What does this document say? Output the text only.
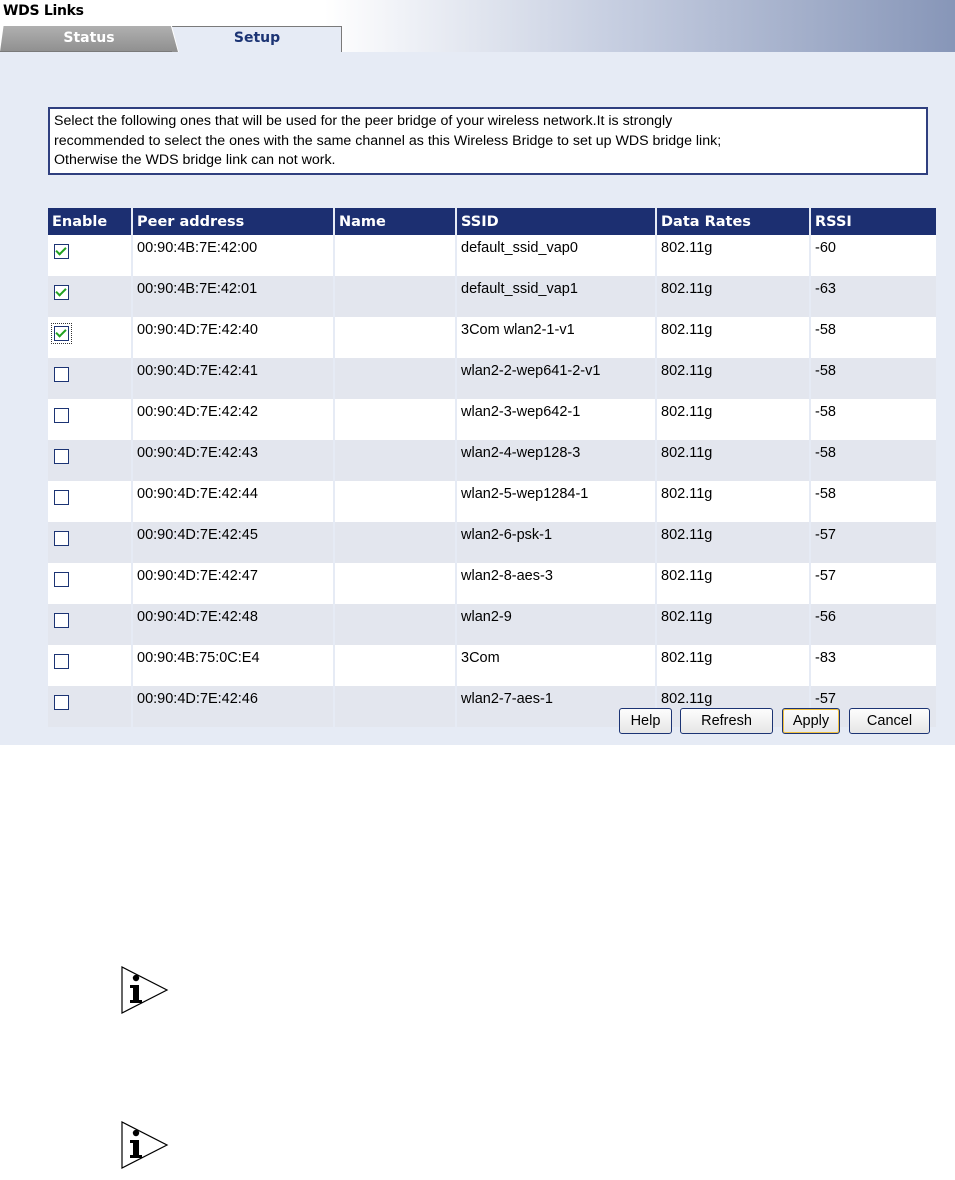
WDS Links
Status	Setup
Select the following ones that will be used for the peer bridge of your wireless network.It is strongly
recommended to select the ones with the same channel as this Wireless Bridge to set up WDS bridge link;
Otherwise the WDS bridge link can not work.
Enable	Peer address	Name	SSID	Data Rates	RSSI
	00:90:4B:7E:42:00		default_ssid_vap0	802.11g	-60
	00:90:4B:7E:42:01		default_ssid_vap1	802.11g	-63
	00:90:4D:7E:42:40		3Com wlan2-1-v1	802.11g	-58
	00:90:4D:7E:42:41		wlan2-2-wep641-2-v1	802.11g	-58
	00:90:4D:7E:42:42		wlan2-3-wep642-1	802.11g	-58
	00:90:4D:7E:42:43		wlan2-4-wep128-3	802.11g	-58
	00:90:4D:7E:42:44		wlan2-5-wep1284-1	802.11g	-58
	00:90:4D:7E:42:45		wlan2-6-psk-1	802.11g	-57
	00:90:4D:7E:42:47		wlan2-8-aes-3	802.11g	-57
	00:90:4D:7E:42:48		wlan2-9	802.11g	-56
	00:90:4B:75:0C:E4		3Com	802.11g	-83
	00:90:4D:7E:42:46		wlan2-7-aes-1	802.11g	-57
Help	Refresh	Apply	Cancel
